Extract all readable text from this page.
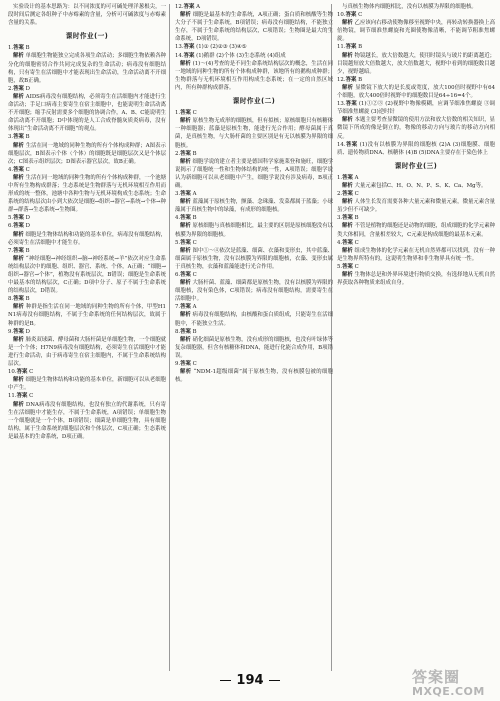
实验设计的基本思路为：以不同浓度的可可碱处理洋葱根尖，一段时间后测定各组种子中赤霉素的含量，分析可可碱浓度与赤霉素含量的关系。
课时作业(一)
1.答案 B
解析 单细胞生物能独立完成各项生命活动；多细胞生物依赖各种分化的细胞密切合作共同完成复杂的生命活动；病毒没有细胞结构，只有寄生在活细胞中才能表现出生命活动，生命活动离不开细胞，故B正确。
2.答案 D
解析 AIDS病毒没有细胞结构，必须寄生在活细胞内才能进行生命活动；手足口病毒主要寄生在宿主细胞中，也能说明生命活动离不开细胞；缩手反射需要多个细胞的协调合作，A、B、C能说明生命活动离不开细胞；D中体现的是人工合成脊髓灰质炎病毒，没有体现出“生命活动离不开细胞”的观点。
3.答案 B
解析 生活在同一地域的同种生物的所有个体构成种群；A图表示细胞层次，B图表示个体（个体）的细胞既是细胞层次又是个体层次；C图表示组织层次；D图表示器官层次，故B正确。
4.答案 C
解析 生活在同一地域的同种生物的所有个体构成种群，一个池塘中所有生物构成群落；生态系统是生物群落与无机环境相互作用而形成的统一整体，池塘中各种生物与无机环境构成生态系统；生命系统的结构层次由小到大依次是细胞→组织→器官→系统→个体→种群→群落→生态系统→生物圈。
5.答案 D
6.答案 D
解析 细胞是生物体结构和功能的基本单位，病毒没有细胞结构，必须寄生在活细胞中才能生存。
7.答案 B
解析 “神经细胞→神经组织→脑→神经系统→羊”依次对应生命系统结构层次中的细胞、组织、器官、系统、个体，A正确；“细胞→组织→器官→个体”，植物没有系统层次，B错误；细胞是生命系统中最基本的结构层次，C正确；D项中分子、原子不属于生命系统的结构层次，D错误。
8.答案 B
解析 种群是指生活在同一地域的同种生物的所有个体，甲型H1N1病毒没有细胞结构，不属于生命系统的任何结构层次，故属于种群的是B。
9.答案 D
解析 肺炎双球菌、酵母菌和大肠杆菌是单细胞生物，一个细胞就是一个个体；H7N9病毒没有细胞结构，必须寄生在活细胞中才能进行生命活动，由于病毒寄生在宿主细胞内，不属于生命系统结构层次。
10.答案 C
解析 细胞是生物体结构和功能的基本单位，新细胞可以从老细胞中产生。
11.答案 C
解析 DNA病毒没有细胞结构，也没有独立的代谢系统，只有寄生在活细胞中才能生存，不属于生命系统，A项错误；单细胞生物一个细胞就是一个个体，B项错误；细菌是单细胞生物，具有细胞结构，属于生命系统的细胞层次和个体层次，C项正确；生态系统是最基本的生命系统，D项正确。
12.答案 A
解析 细胞是最基本的生命系统，A项正确；蛋白质和核酸等生物大分子不属于生命系统，B项错误；病毒没有细胞结构，不能独立生存，不属于生命系统的结构层次，C项错误；生物圈是最大的生命系统，D项错误。
13.答案 (1)① (2)②③ (3)④⑤
14.答案 (1)鹅群 (2)个体 (3)生态系统 (4)组成
解析 (1)～(4)考查的是不同生命系统结构层次的概念，生活在同一地域的同种生物的所有个体构成种群，该地所有的鹅构成种群；生物群落与无机环境相互作用构成生态系统；在一定的自然区域内，所有种群构成群落。
课时作业(二)
1.答案 C
解析 原核生物无成形的细胞核，但有拟核；原核细胞只有核糖体一种细胞器；蓝藻是原核生物，能进行光合作用；酵母菌属于真菌，是真核生物，与大肠杆菌的主要区别是有无以核膜为界限的细胞核。
2.答案 B
解析 细胞学说的建立者主要是德国科学家施莱登和施旺，细胞学说揭示了细胞统一性和生物体结构的统一性，A项错误；细胞学说认为新细胞可以从老细胞中产生，细胞学说没有涉及病毒，B项正确。
3.答案 A
解析 蓝藻属于原核生物，颤藻、念珠藻、发菜都属于蓝藻；小球藻属于真核生物中的绿藻，有成形的细胞核。
4.答案 B
解析 原核细胞与真核细胞相比，最主要的区别是原核细胞没有以核膜为界限的细胞核。
5.答案 C
解析 图中①～④依次是蓝藻、细菌、衣藻和变形虫，其中蓝藻、细菌属于原核生物，没有以核膜为界限的细胞核，衣藻、变形虫属于真核生物，衣藻和蓝藻能进行光合作用。
6.答案 C
解析 大肠杆菌、蓝藻、细菌都是原核生物，没有以核膜为界限的细胞核，没有染色体，C项错误；病毒没有细胞结构，需要寄生在活细胞中。
7.答案 A
解析 病毒没有细胞结构，由核酸和蛋白质组成，只能寄生在活细胞中，不能独立生活。
8.答案 B
解析 硝化细菌是原核生物，没有成形的细胞核，也没有叶绿体等复杂细胞器，但含有核糖体和DNA，能进行化能合成作用，B项错误。
9.答案 C
解析 “NDM-1超级细菌”属于原核生物，没有核膜包被的细胞核。
与真核生物体内细胞相比，没有以核膜为界限的细胞核。
10.答案 C
解析 乙应该向右移动使物像移至视野中央，再转动转换器换上高倍物镜，调节细准焦螺旋和光圈使物像清晰，不能调节粗准焦螺旋。
11.答案 B
解析 物镜越长，放大倍数越大，使用时镜头与玻片的距离越近；目镜越短放大倍数越大，放大倍数越大，视野中看到的细胞数目越少，视野越暗。
12.答案 B
解析 显微镜下放大的是长度或宽度，放大100倍时视野中有64个细胞，放大400倍时视野中的细胞数目是64÷16=4个。
13.答案 (1)①②③ (2)视野中物像模糊，应调节细准焦螺旋 ③调节细准焦螺旋 (3)逆时针
解析 本题主要考查显微镜的使用方法和放大倍数的相关知识，显微镜下所成的像是倒立的，物像的移动方向与玻片的移动方向相反。
14.答案 (1)没有以核膜为界限的细胞核 (2)A (3)细胞膜、细胞质、遗传物质DNA、核糖体 (4)B (5)DNA主要存在于染色体上
课时作业(三)
1.答案 A
解析 大量元素包括C、H、O、N、P、S、K、Ca、Mg等。
2.答案 C
解析 人体生长发育需要各种大量元素和微量元素，微量元素含量虽少但不可缺少。
3.答案 B
解析 不管是植物的细胞还是动物的细胞，组成细胞的化学元素种类大体相同，含量相差较大，C元素是构成细胞的最基本元素。
4.答案 C
解析 组成生物体的化学元素在无机自然界都可以找到，没有一种是生物界所特有的，这说明生物界和非生物界具有统一性。
5.答案 C
解析 生物体总是和外界环境进行物质交换，有选择地从无机自然界获取各种物质来组成自身。
194	答案圈
MXQE.COM
